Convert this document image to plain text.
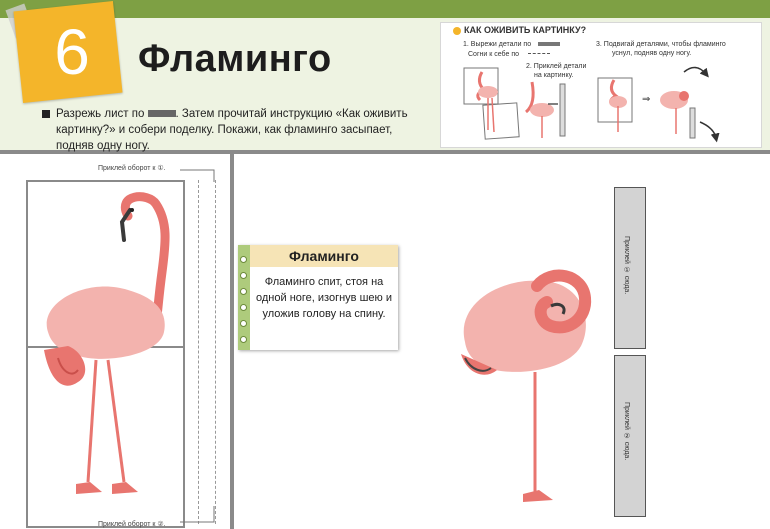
6	Фламинго
Разрежь лист по	. Затем прочитай инструкцию «Как оживить картинку?» и собери поделку. Покажи, как фламинго засыпает, подняв одну ногу.
КАК ОЖИВИТЬ КАРТИНКУ?
1. Вырежи детали по
Согни к себе по
2. Приклей детали
на картинку.
3. Подвигай деталями, чтобы фламинго
уснул, подняв одну ногу.
⇒
Приклей оборот к ①.
Приклей оборот к ②.
Фламинго
Фламинго спит, стоя на одной ноге, изогнув шею и уложив голову на спину.
Приклей ① сюда.
Приклей ② сюда.
